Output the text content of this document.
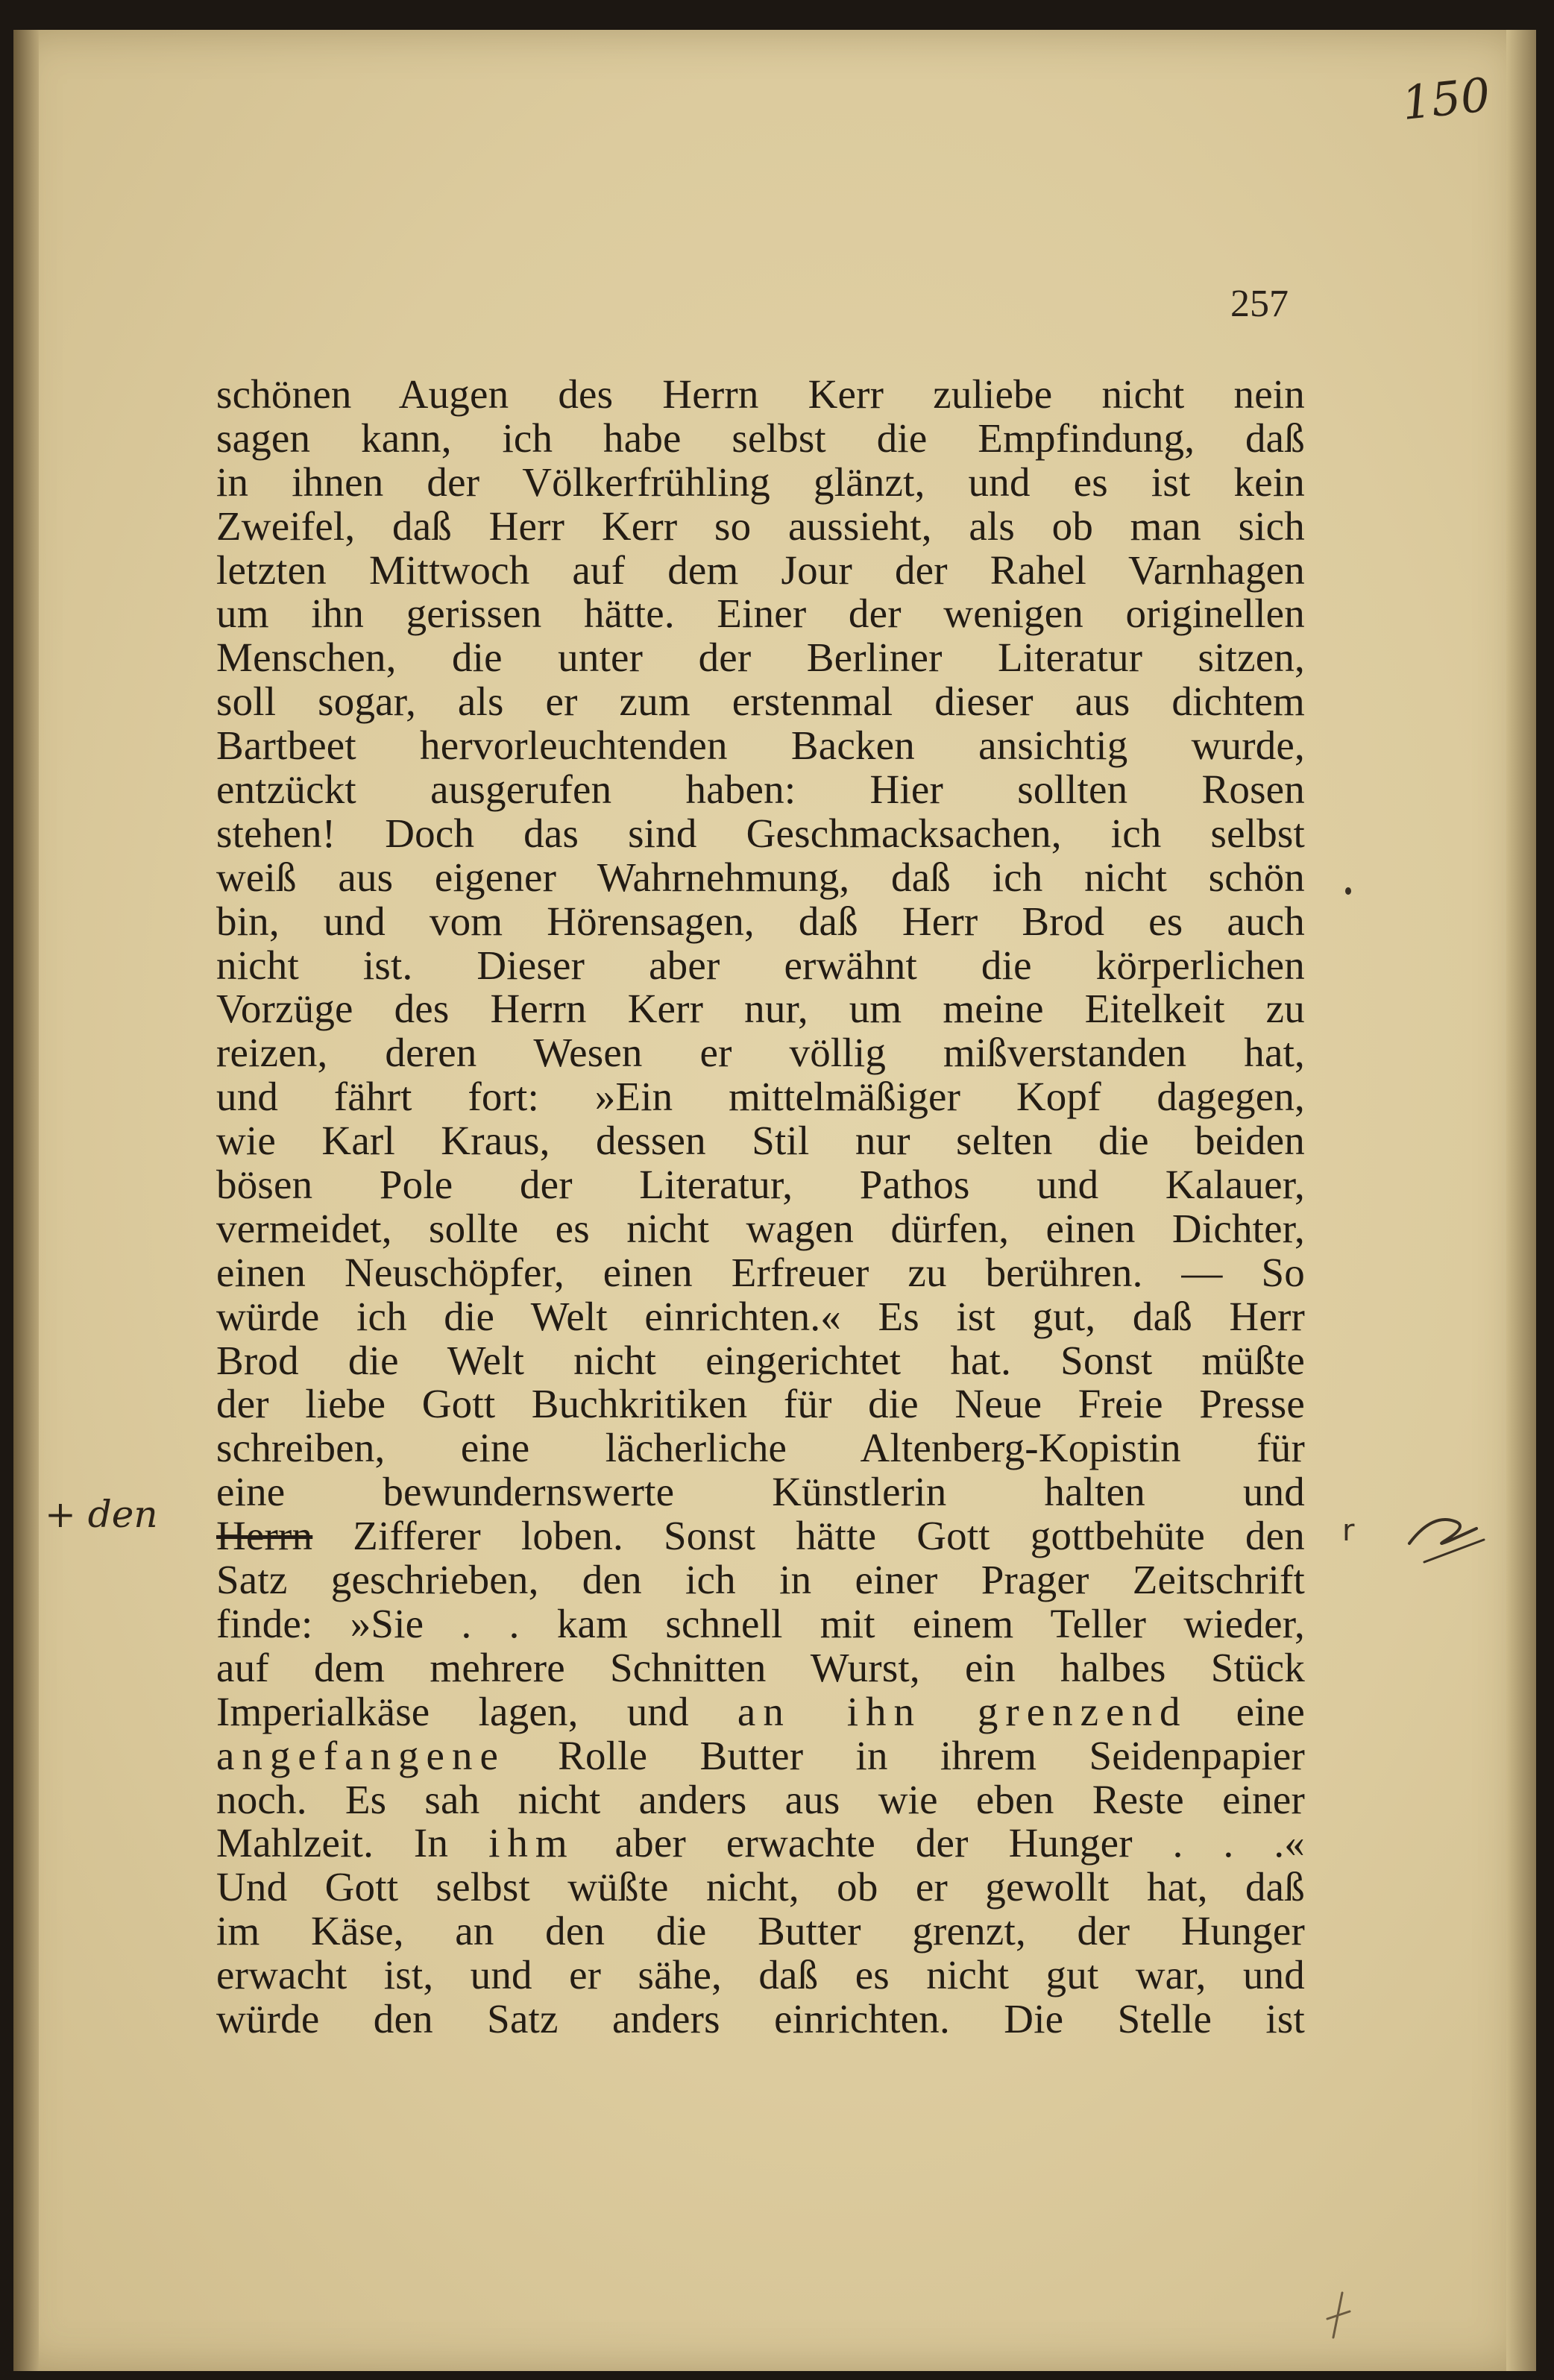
150
257
schönen Augen des Herrn Kerr zuliebe nicht nein
sagen kann, ich habe selbst die Empfindung, daß
in ihnen der Völkerfrühling glänzt, und es ist kein
Zweifel, daß Herr Kerr so aussieht, als ob man sich
letzten Mittwoch auf dem Jour der Rahel Varnhagen
um ihn gerissen hätte. Einer der wenigen originellen
Menschen, die unter der Berliner Literatur sitzen,
soll sogar, als er zum erstenmal dieser aus dichtem
Bartbeet hervorleuchtenden Backen ansichtig wurde,
entzückt ausgerufen haben: Hier sollten Rosen
stehen! Doch das sind Geschmacksachen, ich selbst
weiß aus eigener Wahrnehmung, daß ich nicht schön
bin, und vom Hörensagen, daß Herr Brod es auch
nicht ist. Dieser aber erwähnt die körperlichen
Vorzüge des Herrn Kerr nur, um meine Eitelkeit zu
reizen, deren Wesen er völlig mißverstanden hat,
und fährt fort: »Ein mittelmäßiger Kopf dagegen,
wie Karl Kraus, dessen Stil nur selten die beiden
bösen Pole der Literatur, Pathos und Kalauer,
vermeidet, sollte es nicht wagen dürfen, einen Dichter,
einen Neuschöpfer, einen Erfreuer zu berühren. — So
würde ich die Welt einrichten.« Es ist gut, daß Herr
Brod die Welt nicht eingerichtet hat. Sonst müßte
der liebe Gott Buchkritiken für die Neue Freie Presse
schreiben, eine lächerliche Altenberg-Kopistin für
eine bewundernswerte Künstlerin halten und
Herrn Zifferer loben. Sonst hätte Gott gottbehüte den
Satz geschrieben, den ich in einer Prager Zeitschrift
finde: »Sie . . kam schnell mit einem Teller wieder,
auf dem mehrere Schnitten Wurst, ein halbes Stück
Imperialkäse lagen, und an ihn grenzend eine
angefangene Rolle Butter in ihrem Seidenpapier
noch. Es sah nicht anders aus wie eben Reste einer
Mahlzeit. In ihm aber erwachte der Hunger . . .«
Und Gott selbst wüßte nicht, ob er gewollt hat, daß
im Käse, an den die Butter grenzt, der Hunger
erwacht ist, und er sähe, daß es nicht gut war, und
würde den Satz anders einrichten. Die Stelle ist
+ den	r
